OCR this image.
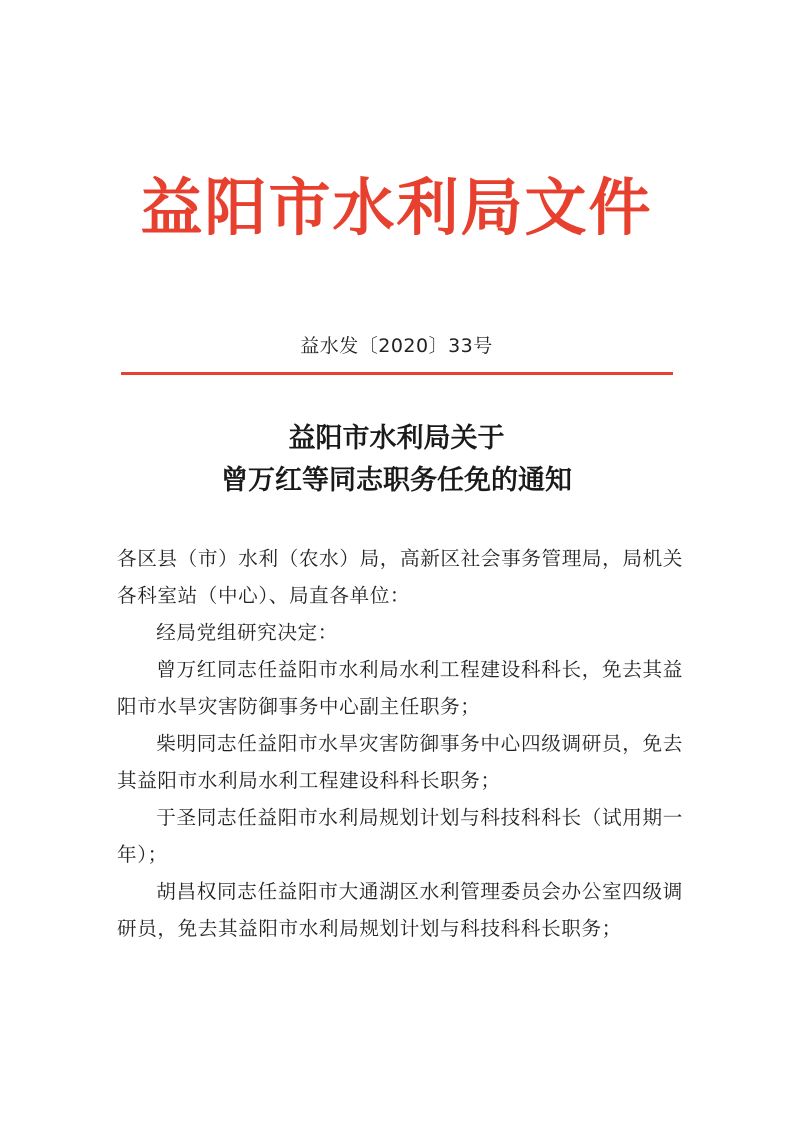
益阳市水利局文件
益水发〔2020〕33号
益阳市水利局关于
曾万红等同志职务任免的通知

各区县（市）水利（农水）局，高新区社会事务管理局，局机关各科室站（中心）、局直各单位：

经局党组研究决定：

曾万红同志任益阳市水利局水利工程建设科科长，免去其益阳市水旱灾害防御事务中心副主任职务；

柴明同志任益阳市水旱灾害防御事务中心四级调研员，免去其益阳市水利局水利工程建设科科长职务；

于圣同志任益阳市水利局规划计划与科技科科长（试用期一年）；

胡昌权同志任益阳市大通湖区水利管理委员会办公室四级调研员，免去其益阳市水利局规划计划与科技科科长职务；
